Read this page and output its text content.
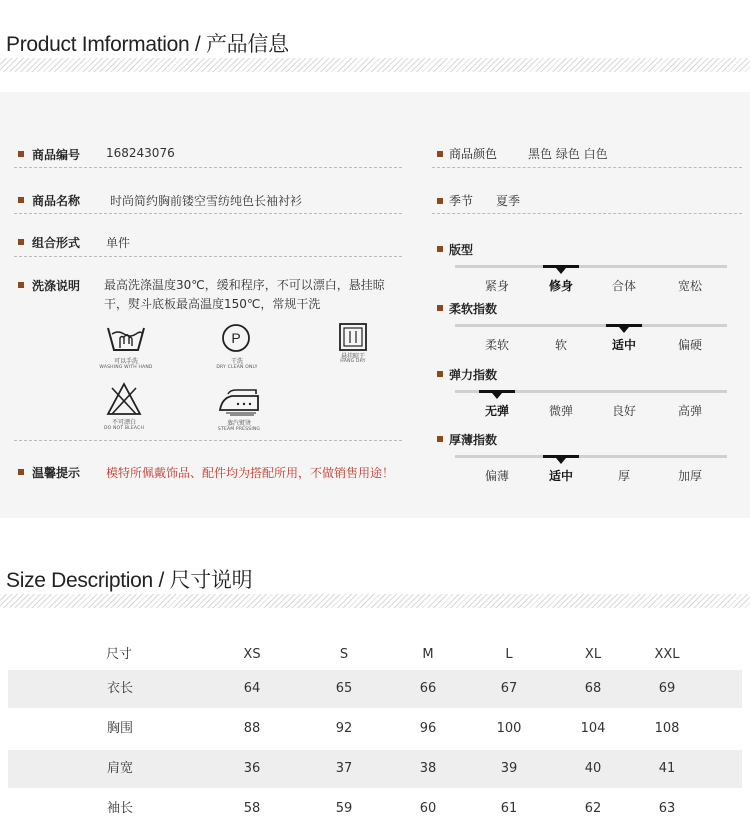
Product Imformation / 产品信息
商品编号 168243076
商品名称 时尚简约胸前镂空雪纺纯色长袖衬衫
组合形式 单件
洗涤说明 最高洗涤温度30℃，缓和程序，不可以漂白，悬挂晾干，熨斗底板最高温度150℃，常规干洗
可以手洗
WASHING WITH HAND
P
干洗
DRY CLEAN ONLY
悬挂晾干
HANG DRY
不可漂白
DO NOT BLEACH
蒸汽熨烫
STEAM PRESSING
温馨提示 模特所佩戴饰品、配件均为搭配所用，不做销售用途！
商品颜色	黑色 绿色 白色
季节 夏季
版型
紧身	修身	合体	宽松
柔软指数
柔软	软	适中	偏硬
弹力指数
无弹	微弹	良好	高弹
厚薄指数
偏薄	适中	厚	加厚
Size Description / 尺寸说明
尺寸	XS	S	M	L	XL	XXL
衣长	64	65	66	67	68	69
胸围	88	92	96	100	104	108
肩宽	36	37	38	39	40	41
袖长	58	59	60	61	62	63
